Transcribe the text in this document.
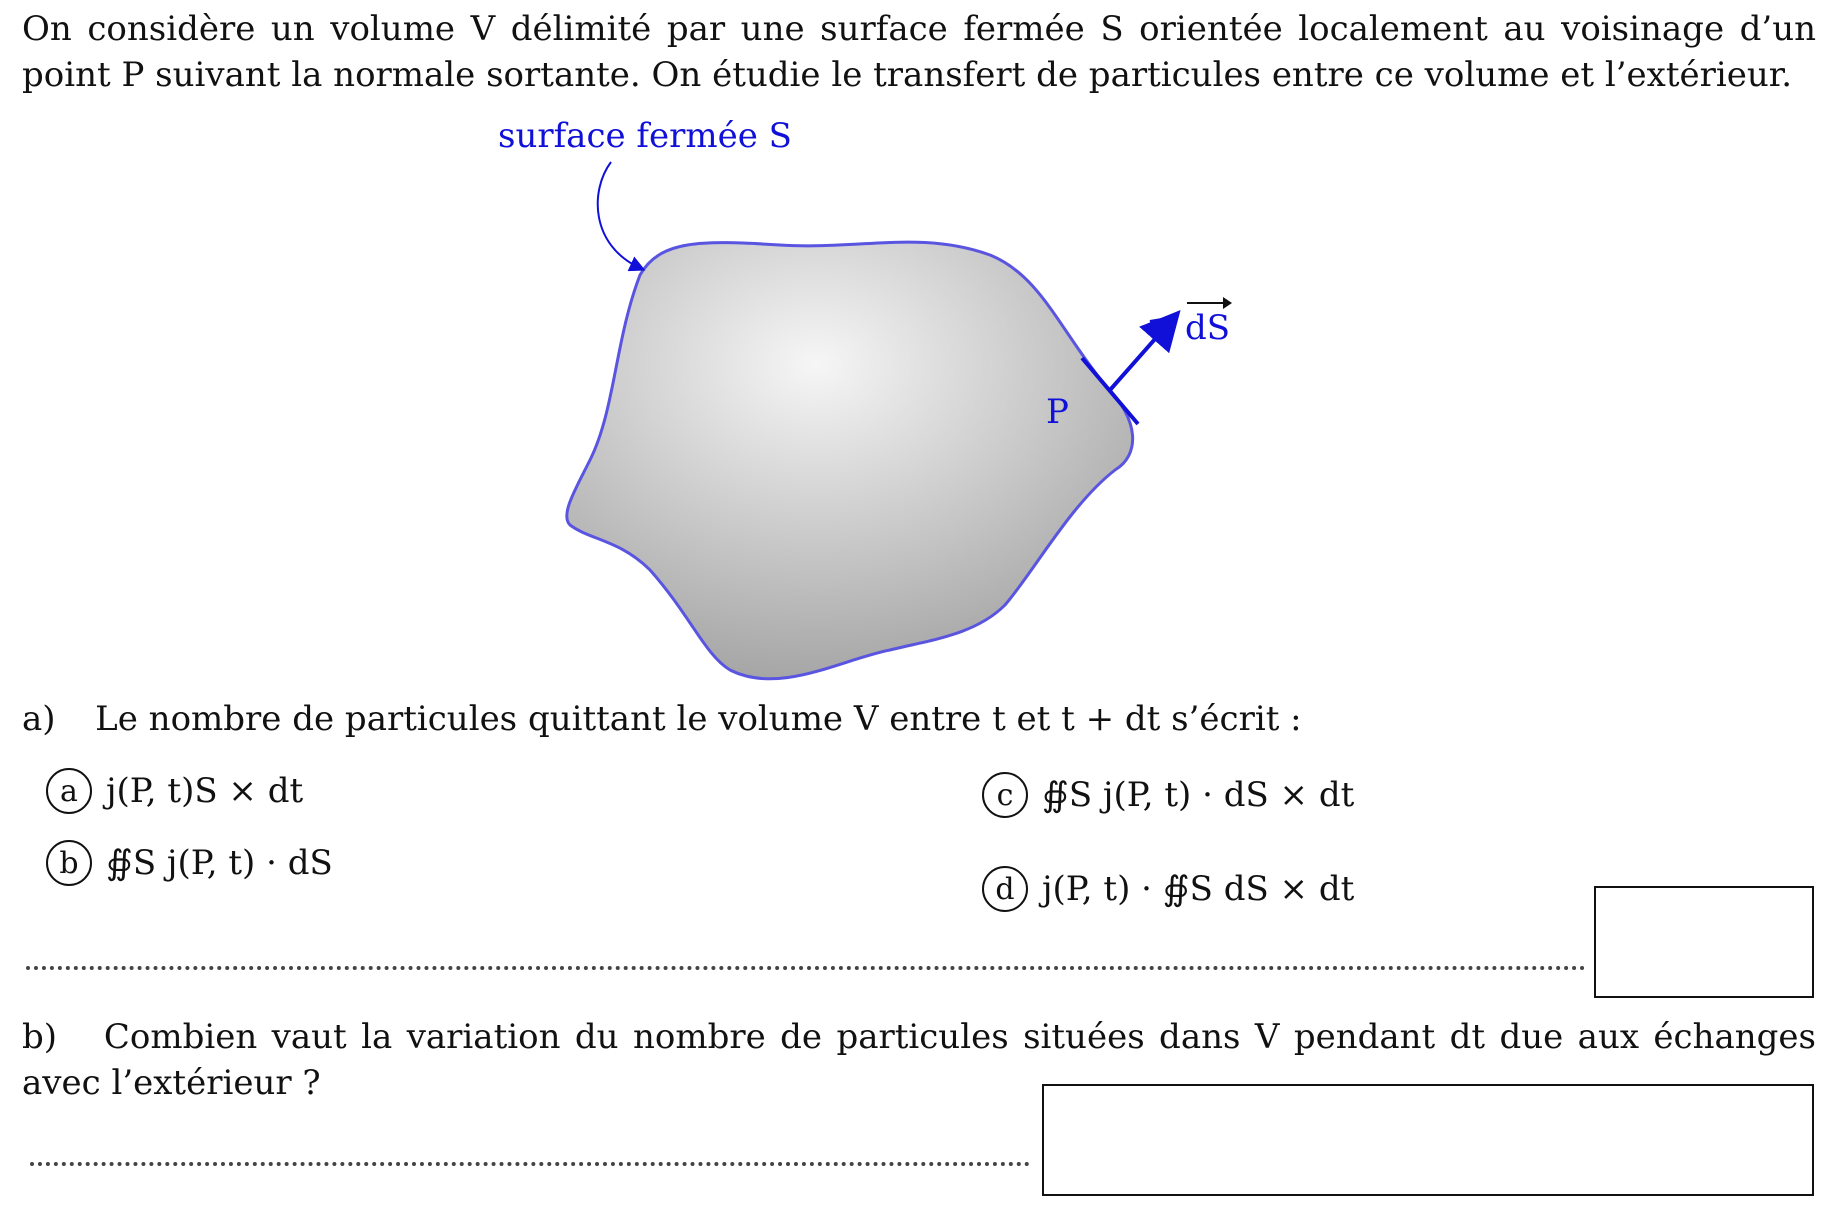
On considère un volume V délimité par une surface fermée S orientée localement au voisinage d’un point P suivant la normale sortante. On étudie le transfert de particules entre ce volume et l’extérieur.
surface fermée S
P
dS
a) Le nombre de particules quittant le volume V entre t et t + dt s’écrit :
a j(P, t)S × dt
b ∯S j(P, t) · dS
c ∯S j(P, t) · dS × dt
d j(P, t) · ∯S dS × dt
b) Combien vaut la variation du nombre de particules situées dans V pendant dt due aux échanges avec l’extérieur ?
